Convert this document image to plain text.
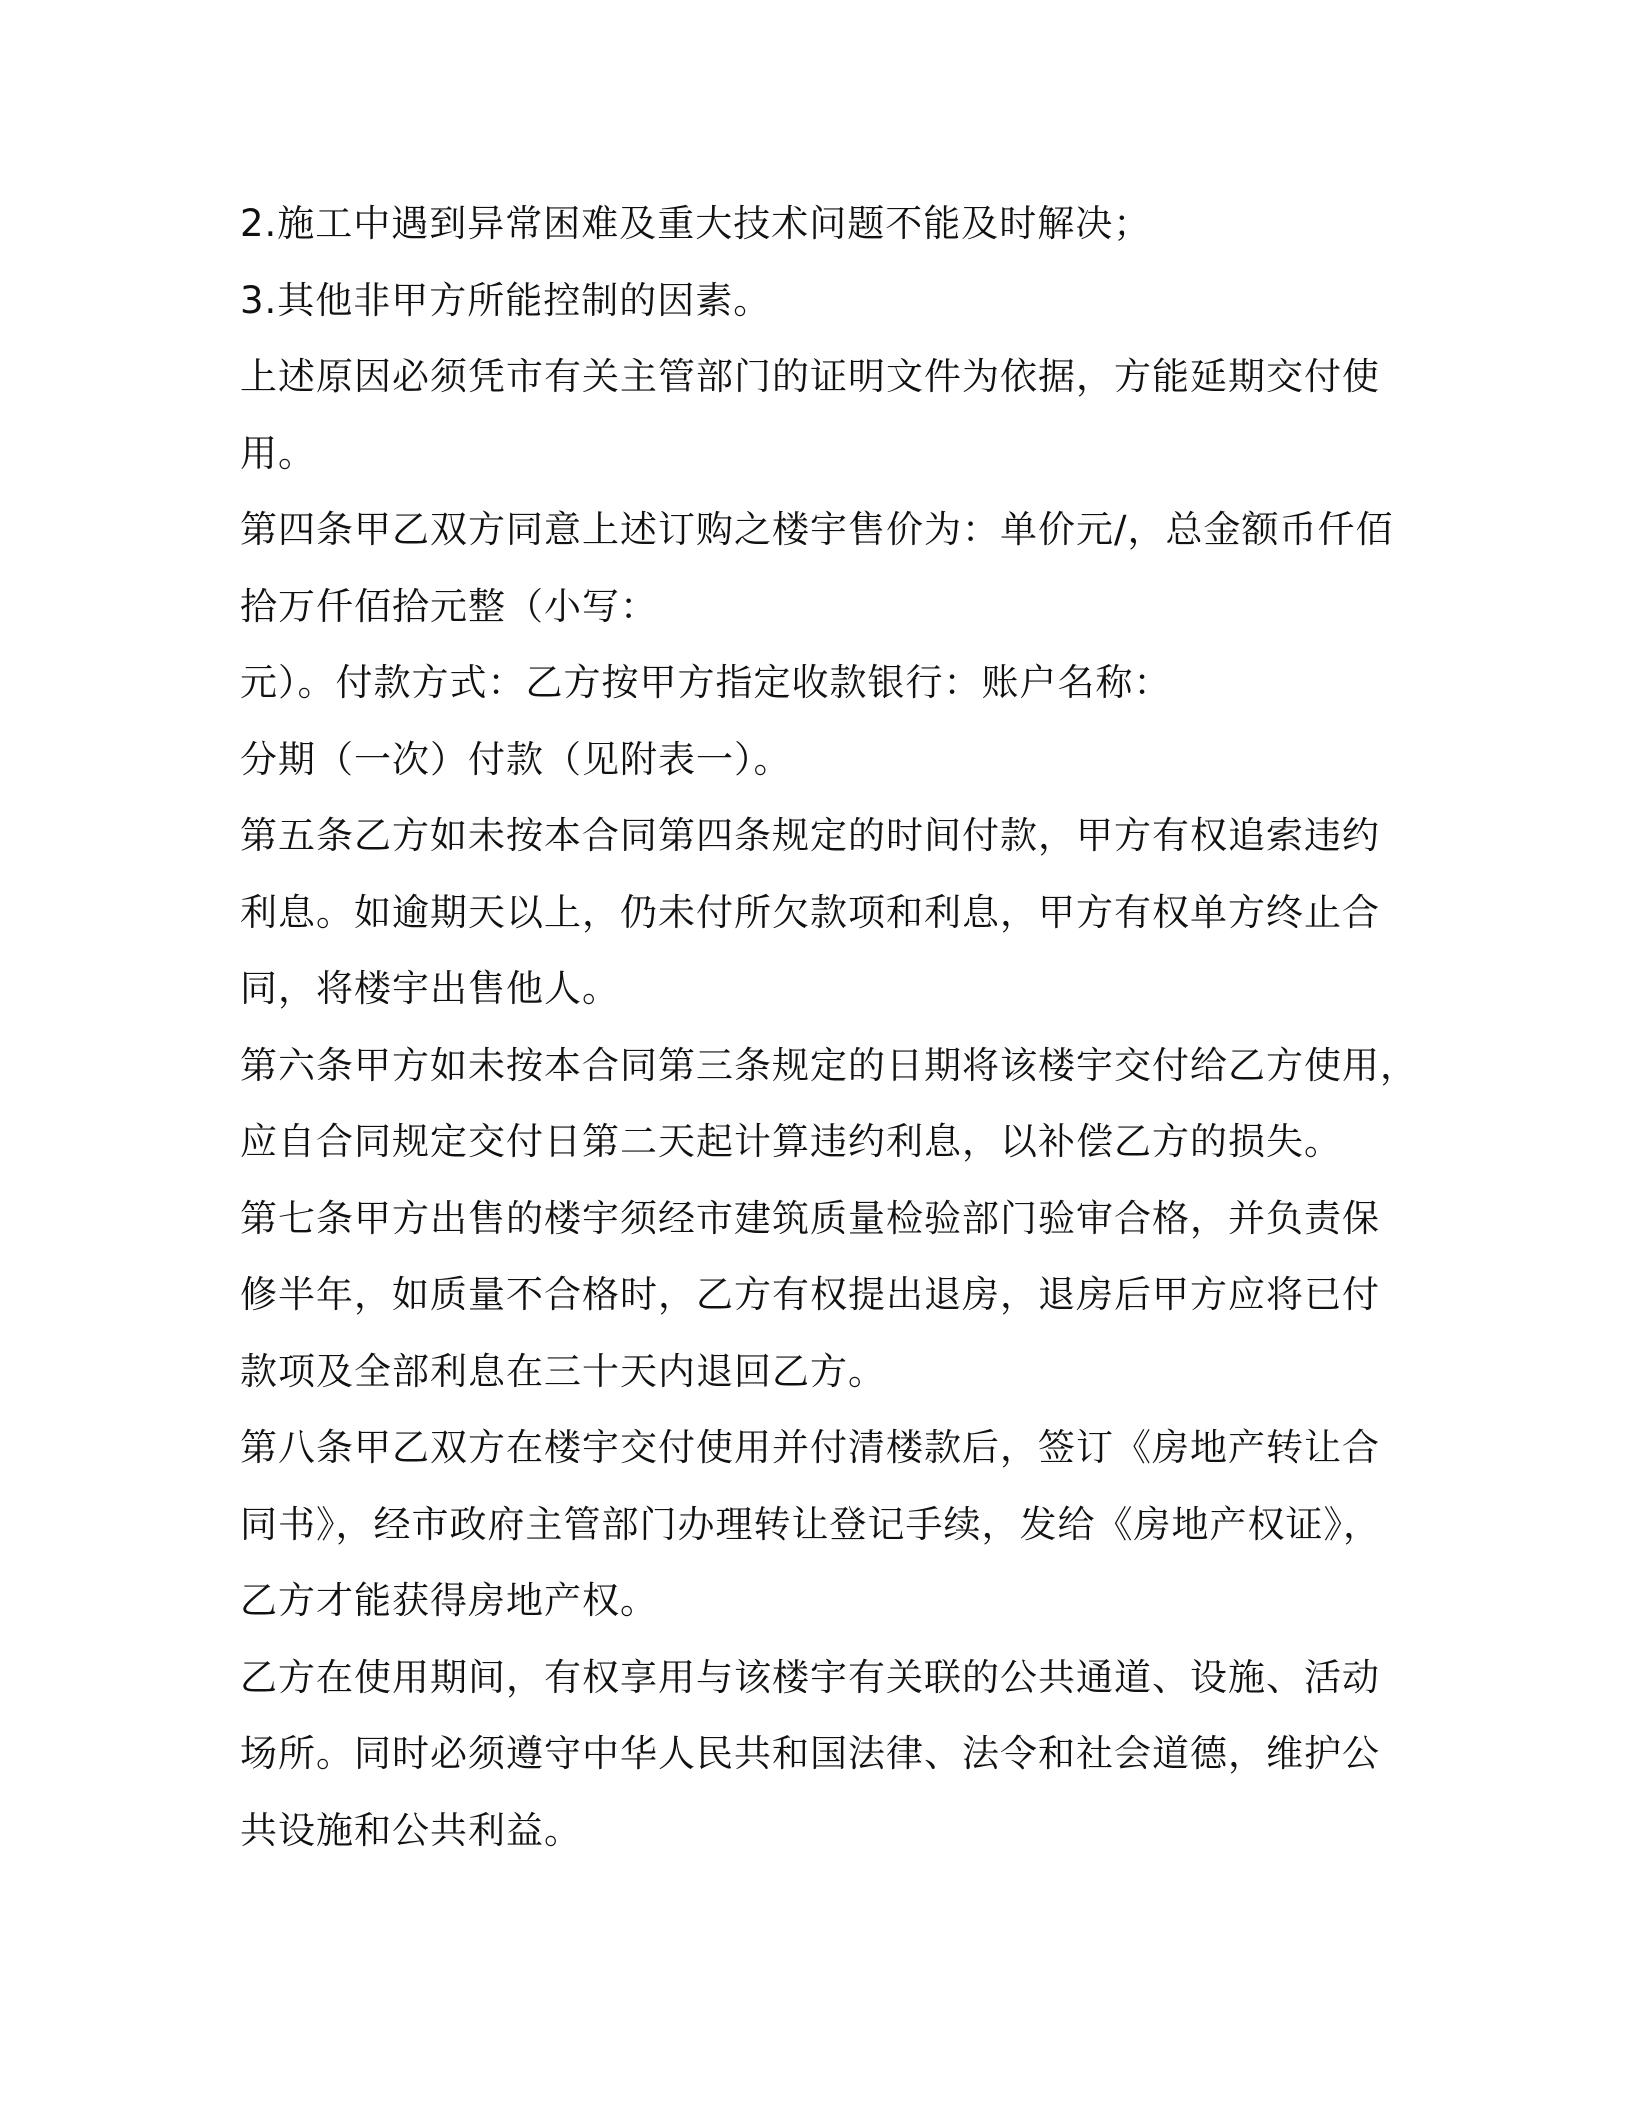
2.施工中遇到异常困难及重大技术问题不能及时解决；
3.其他非甲方所能控制的因素。
上述原因必须凭市有关主管部门的证明文件为依据，方能延期交付使
用。
第四条甲乙双方同意上述订购之楼宇售价为：单价元/，总金额币仟佰
拾万仟佰拾元整（小写：
元）。付款方式：乙方按甲方指定收款银行：账户名称：
分期（一次）付款（见附表一）。
第五条乙方如未按本合同第四条规定的时间付款，甲方有权追索违约
利息。如逾期天以上，仍未付所欠款项和利息，甲方有权单方终止合
同，将楼宇出售他人。
第六条甲方如未按本合同第三条规定的日期将该楼宇交付给乙方使用，
应自合同规定交付日第二天起计算违约利息，以补偿乙方的损失。
第七条甲方出售的楼宇须经市建筑质量检验部门验审合格，并负责保
修半年，如质量不合格时，乙方有权提出退房，退房后甲方应将已付
款项及全部利息在三十天内退回乙方。
第八条甲乙双方在楼宇交付使用并付清楼款后，签订《房地产转让合
同书》，经市政府主管部门办理转让登记手续，发给《房地产权证》，
乙方才能获得房地产权。
乙方在使用期间，有权享用与该楼宇有关联的公共通道、设施、活动
场所。同时必须遵守中华人民共和国法律、法令和社会道德，维护公
共设施和公共利益。
